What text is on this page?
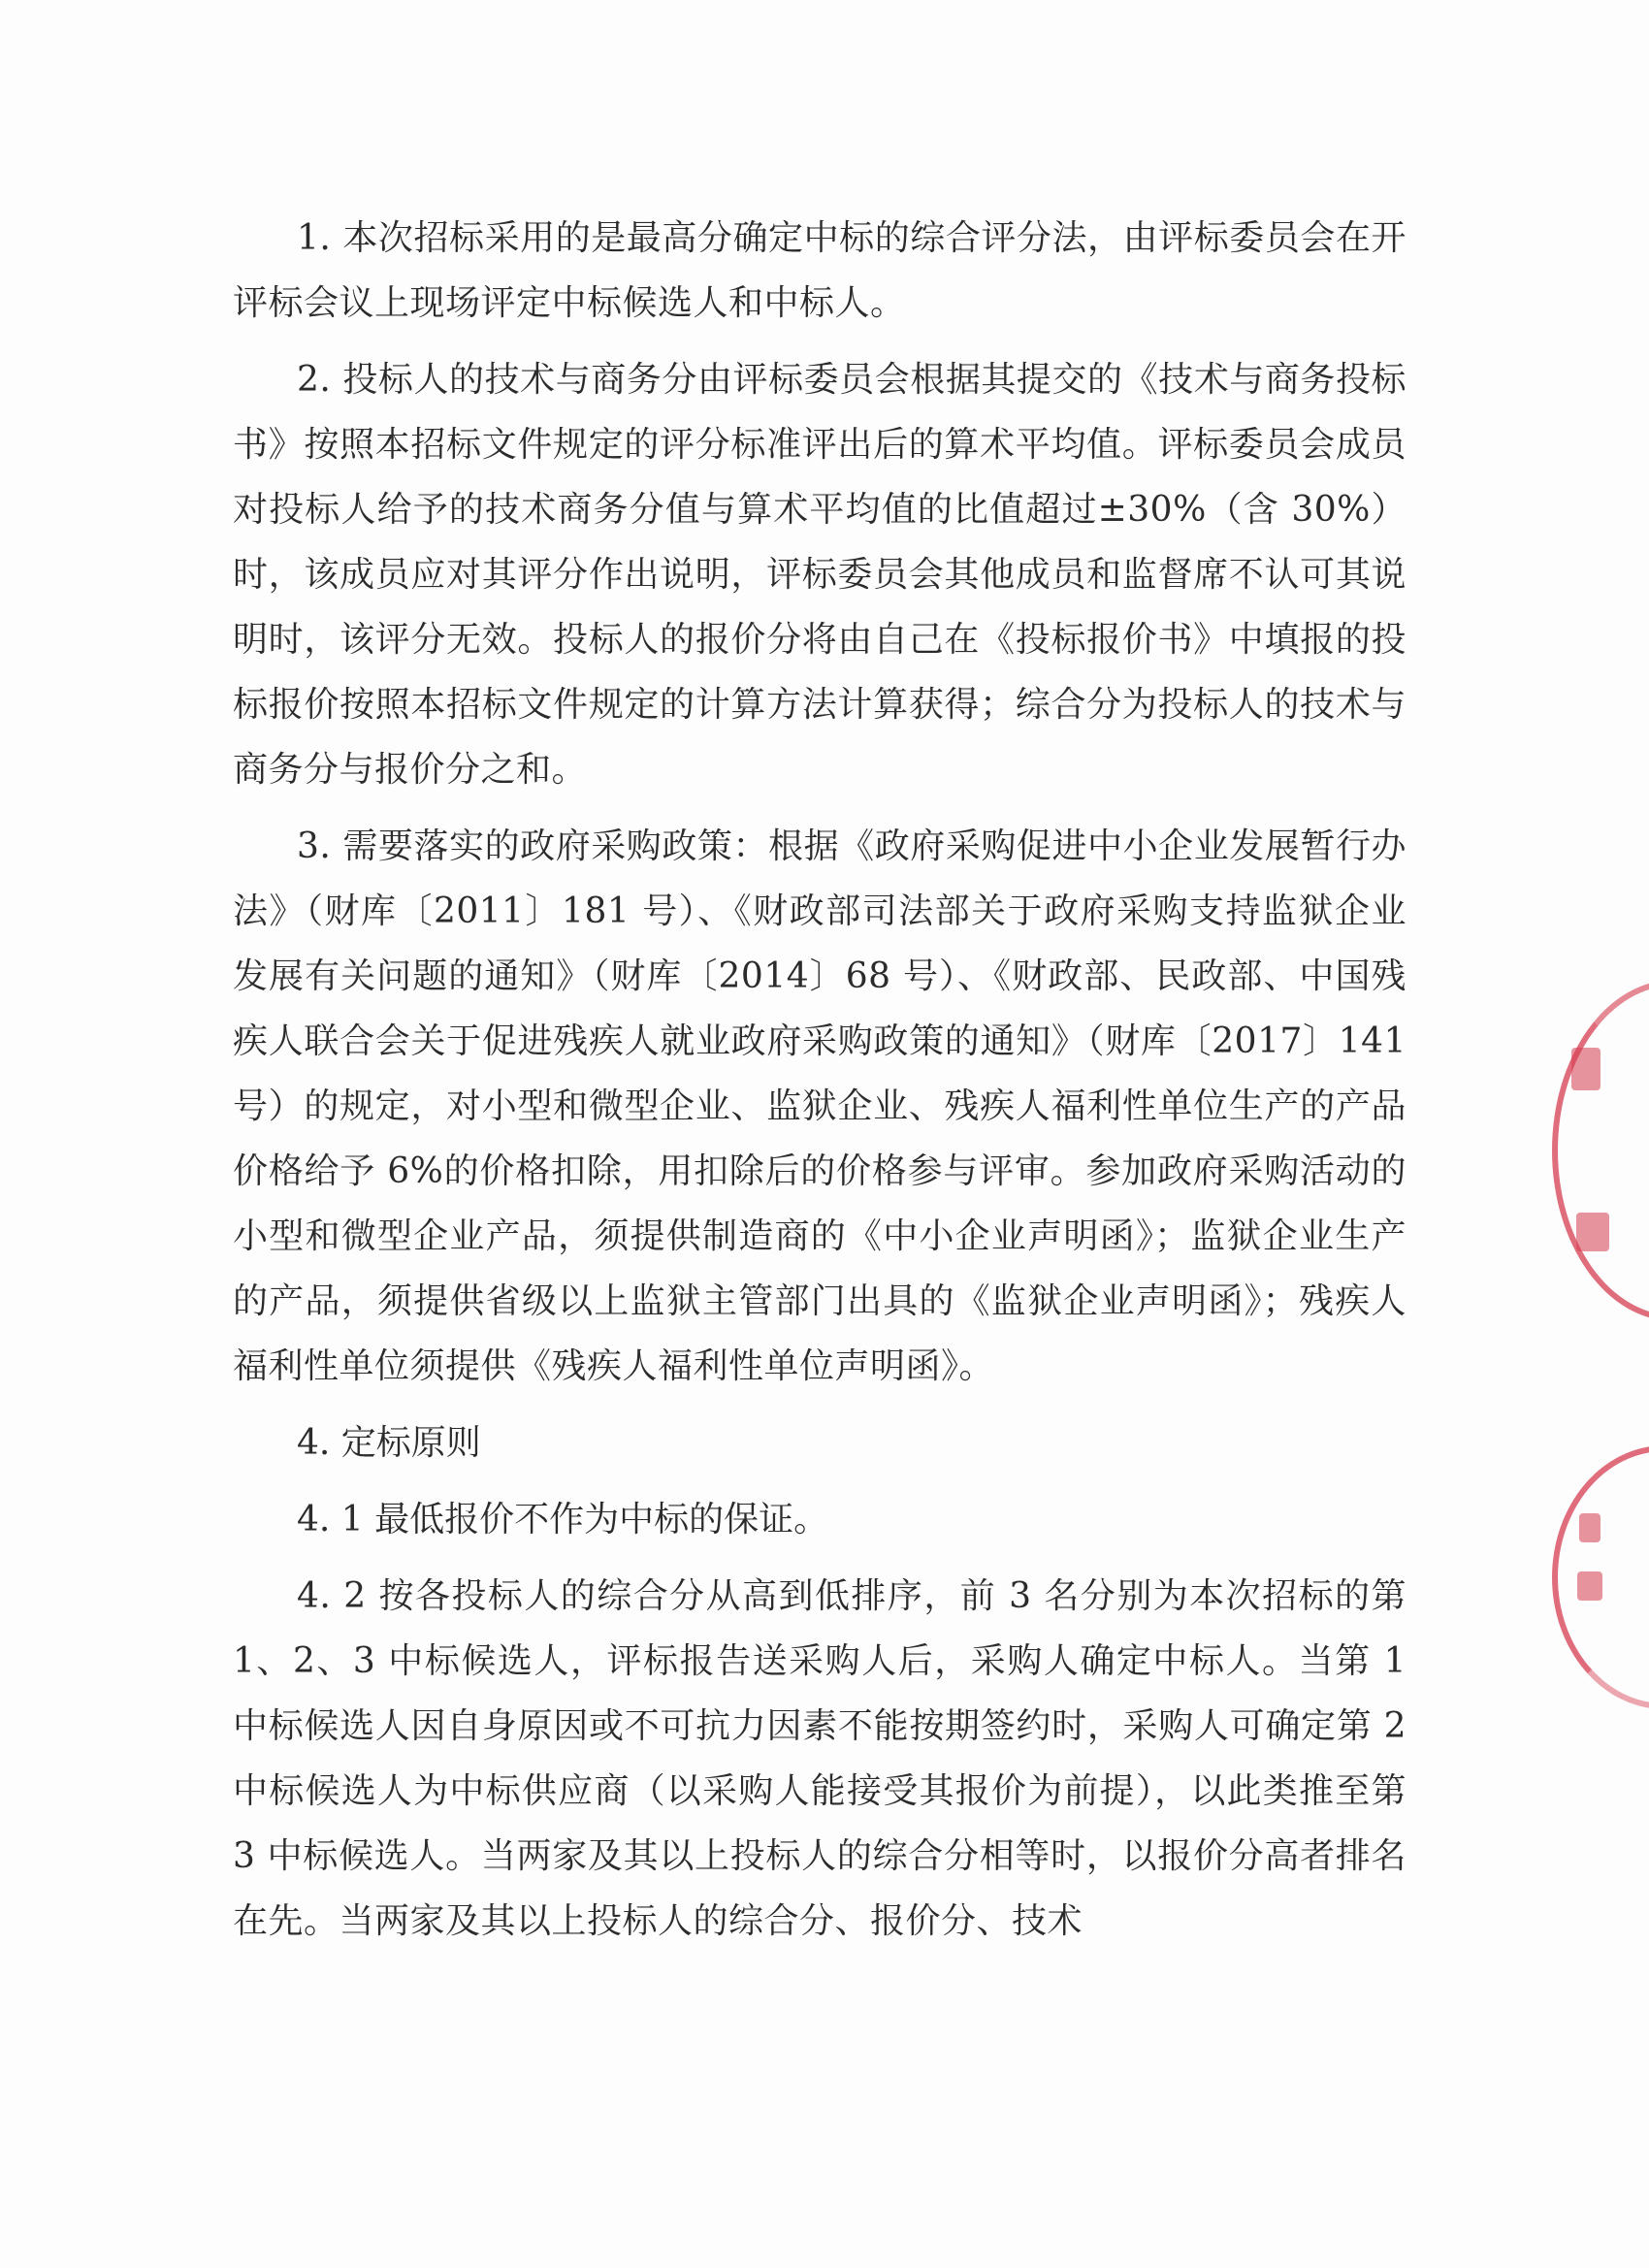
1. 本次招标采用的是最高分确定中标的综合评分法，由评标委员会在开评标会议上现场评定中标候选人和中标人。

2. 投标人的技术与商务分由评标委员会根据其提交的《技术与商务投标书》按照本招标文件规定的评分标准评出后的算术平均值。评标委员会成员对投标人给予的技术商务分值与算术平均值的比值超过±30%（含 30%）时，该成员应对其评分作出说明，评标委员会其他成员和监督席不认可其说明时，该评分无效。投标人的报价分将由自己在《投标报价书》中填报的投标报价按照本招标文件规定的计算方法计算获得；综合分为投标人的技术与商务分与报价分之和。

3. 需要落实的政府采购政策：根据《政府采购促进中小企业发展暂行办法》（财库〔2011〕181 号）、《财政部司法部关于政府采购支持监狱企业发展有关问题的通知》（财库〔2014〕68 号）、《财政部、民政部、中国残疾人联合会关于促进残疾人就业政府采购政策的通知》（财库〔2017〕141 号）的规定，对小型和微型企业、监狱企业、残疾人福利性单位生产的产品价格给予 6%的价格扣除，用扣除后的价格参与评审。参加政府采购活动的小型和微型企业产品，须提供制造商的《中小企业声明函》；监狱企业生产的产品，须提供省级以上监狱主管部门出具的《监狱企业声明函》；残疾人福利性单位须提供《残疾人福利性单位声明函》。

4. 定标原则

4. 1 最低报价不作为中标的保证。

4. 2 按各投标人的综合分从高到低排序，前 3 名分别为本次招标的第 1、2、3 中标候选人，评标报告送采购人后，采购人确定中标人。当第 1 中标候选人因自身原因或不可抗力因素不能按期签约时，采购人可确定第 2 中标候选人为中标供应商（以采购人能接受其报价为前提），以此类推至第 3 中标候选人。当两家及其以上投标人的综合分相等时，以报价分高者排名在先。当两家及其以上投标人的综合分、报价分、技术
